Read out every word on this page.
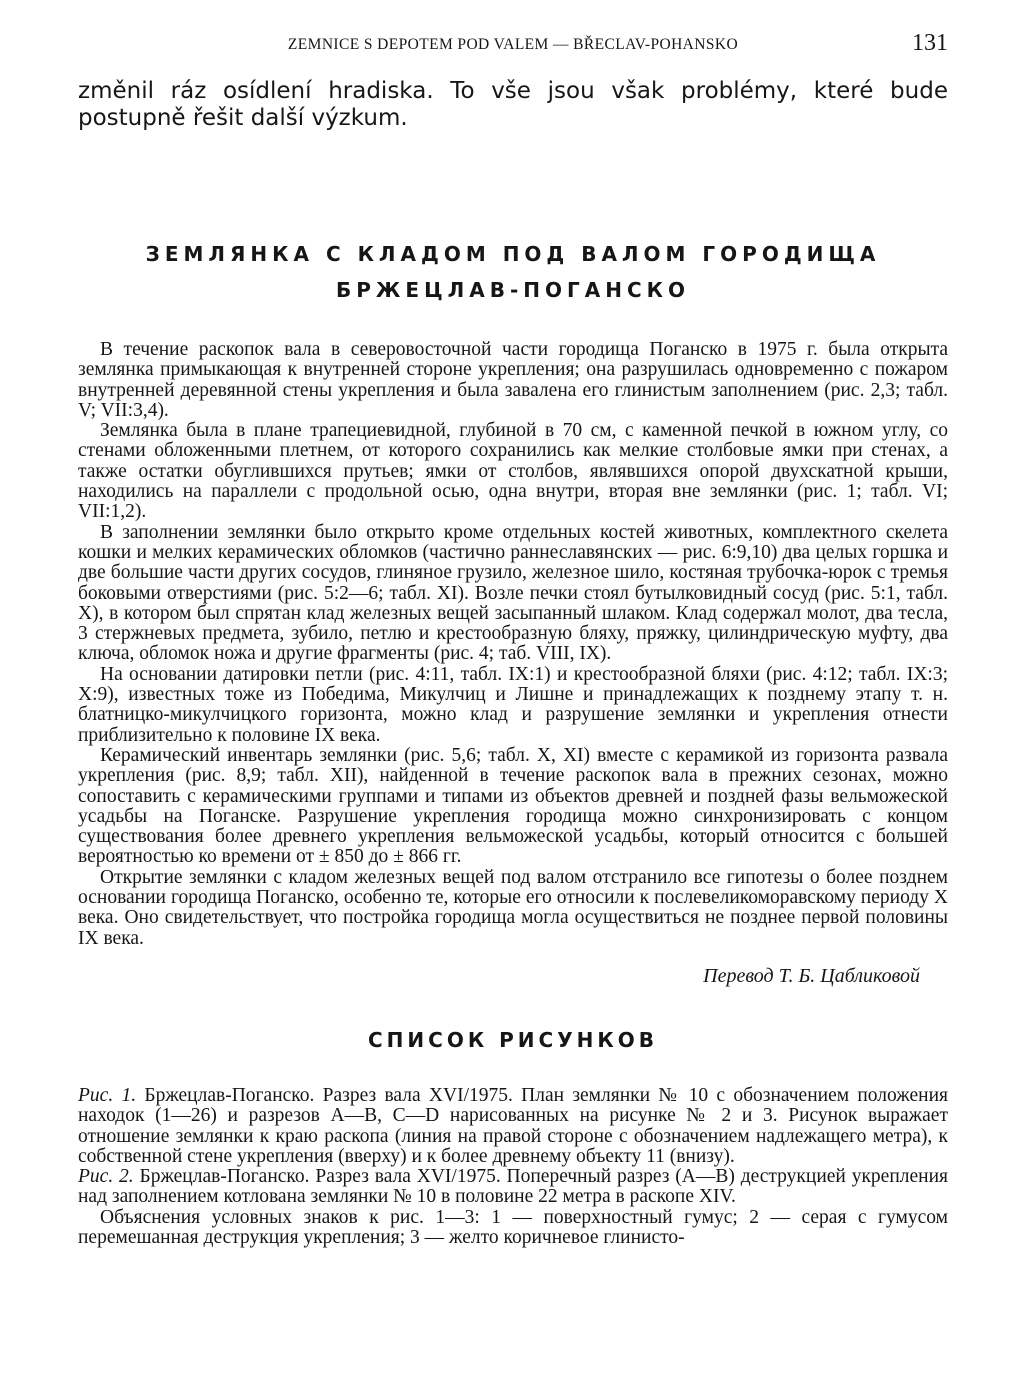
ZEMNICE S DEPOTEM POD VALEM — BŘECLAV-POHANSKO	131

změnil ráz osídlení hradiska. To vše jsou však problémy, které bude postupně řešit další výzkum.

ЗЕМЛЯНКА С КЛАДОМ ПОД ВАЛОМ ГОРОДИЩА
БРЖЕЦЛАВ-ПОГАНСКО

В течение раскопок вала в северовосточной части городища Поганско в 1975 г. была открыта землянка примыкающая к внутренней стороне укрепления; она разрушилась одновременно с пожаром внутренней деревянной стены укрепления и была завалена его глинистым заполнением (рис. 2,3; табл. V; VII:3,4).

Землянка была в плане трапециевидной, глубиной в 70 см, с каменной печкой в южном углу, со стенами обложенными плетнем, от которого сохранились как мелкие столбовые ямки при стенах, а также остатки обуглившихся прутьев; ямки от столбов, являвшихся опорой двухскатной крыши, находились на параллели с продольной осью, одна внутри, вторая вне землянки (рис. 1; табл. VI; VII:1,2).

В заполнении землянки было открыто кроме отдельных костей животных, комплектного скелета кошки и мелких керамических обломков (частично раннеславянских — рис. 6:9,10) два целых горшка и две большие части других сосудов, глиняное грузило, железное шило, костяная трубочка-юрок с тремья боковыми отверстиями (рис. 5:2—6; табл. XI). Возле печки стоял бутылковидный сосуд (рис. 5:1, табл. X), в котором был спрятан клад железных вещей засыпанный шлаком. Клад содержал молот, два тесла, 3 стержневых предмета, зубило, петлю и крестообразную бляху, пряжку, цилиндрическую муфту, два ключа, обломок ножа и другие фрагменты (рис. 4; таб. VIII, IX).

На основании датировки петли (рис. 4:11, табл. IX:1) и крестообразной бляхи (рис. 4:12; табл. IX:3; X:9), известных тоже из Победима, Микулчиц и Лишне и принадлежащих к позднему этапу т. н. блатницко-микулчицкого горизонта, можно клад и разрушение землянки и укрепления отнести приблизительно к половине IX века.

Керамический инвентарь землянки (рис. 5,6; табл. X, XI) вместе с керамикой из горизонта развала укрепления (рис. 8,9; табл. XII), найденной в течение раскопок вала в прежних сезонах, можно сопоставить с керамическими группами и типами из объектов древней и поздней фазы вельможеской усадьбы на Поганске. Разрушение укрепления городища можно синхронизировать с концом существования более древнего укрепления вельможеской усадьбы, который относится с большей вероятностью ко времени от ± 850 до ± 866 гг.

Открытие землянки с кладом железных вещей под валом отстранило все гипотезы о более позднем основании городища Поганско, особенно те, которые его относили к послевеликоморавскому периоду X века. Оно свидетельствует, что постройка городища могла осуществиться не позднее первой половины IX века.

Перевод Т. Б. Цабликовой
СПИСОК РИСУНКОВ

Рис. 1. Бржецлав-Поганско. Разрез вала XVI/1975. План землянки № 10 с обозначением положения находок (1—26) и разрезов А—В, С—D нарисованных на рисунке № 2 и 3. Рисунок выражает отношение землянки к краю раскопа (линия на правой стороне с обозначением надлежащего метра), к собственной стене укрепления (вверху) и к более древнему объекту 11 (внизу).

Рис. 2. Бржецлав-Поганско. Разрез вала XVI/1975. Поперечный разрез (А—В) деструкцией укрепления над заполнением котлована землянки № 10 в половине 22 метра в раскопе XIV.

Объяснения условных знаков к рис. 1—3: 1 — поверхностный гумус; 2 — серая с гумусом перемешанная деструкция укрепления; 3 — желто коричневое глинисто-
